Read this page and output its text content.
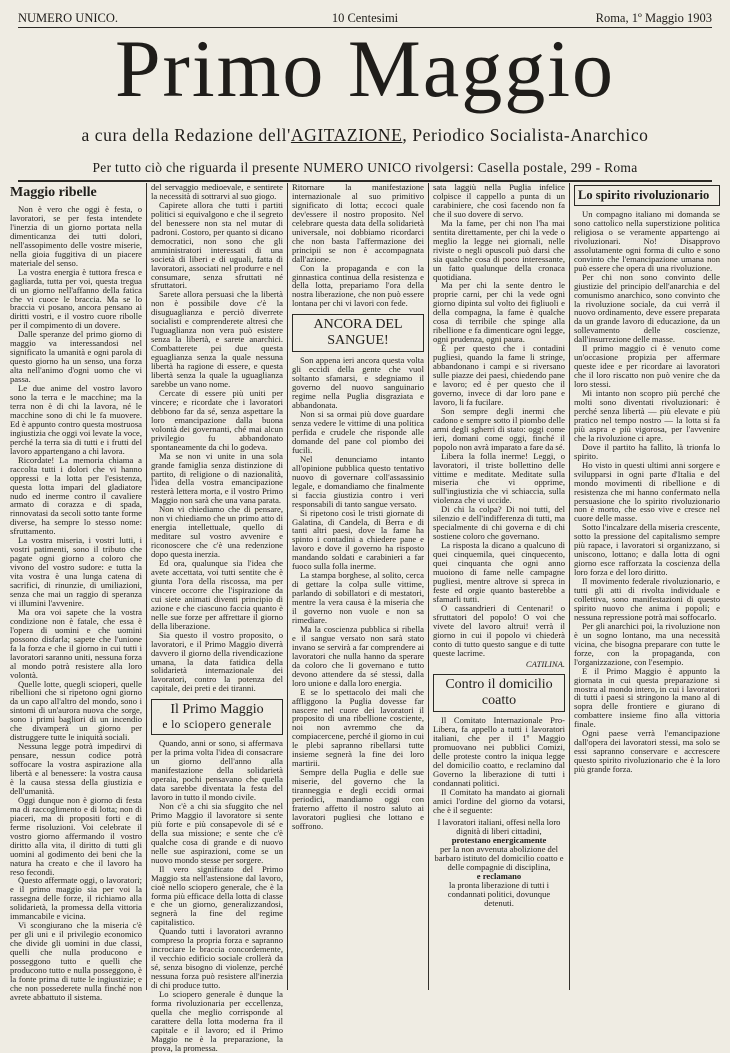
NUMERO UNICO.	10 Centesimi	Roma, 1º Maggio 1903
Primo Maggio
a cura della Redazione dell'AGITAZIONE, Periodico Socialista-Anarchico
Per tutto ciò che riguarda il presente NUMERO UNICO rivolgersi: Casella postale, 299 - Roma
Maggio ribelle

Non è vero che oggi è festa, o lavoratori, se per festa intendete l'inerzia di un giorno portata nella dimenticanza dei tutti dolori, nell'assopimento delle vostre miserie, nella gioia fuggitiva di un piacere materiale del senso.

La vostra energia è tuttora fresca e gagliarda, tutta per voi, questa tregua di un giorno nell'affanno della fatica che vi cuoce le braccia. Ma se lo braccia vi posano, ancora pensano ai diritti vostri, e il vostro cuore ribolle per il compimento di un dovere.

Dalle speranze del primo giorno di maggio va interessandosi nel significato la umanità e ogni parola di questo giorno ha un senso, una forza alta nell'animo d'ogni uomo che vi passa.

Le due anime del vostro lavoro sono la terra e le macchine; ma la terra non è di chi la lavora, né le macchine sono di chi le fa muovere. Ed è appunto contro questa mostruosa ingiustizia che oggi voi levate la voce, perché la terra sia di tutti e i frutti del lavoro appartengano a chi lavora.

Ricordate! La memoria chiama a raccolta tutti i dolori che vi hanno oppressi e la lotta per l'esistenza, questa lotta impari del gladiatore nudo ed inerme contro il cavaliere armato di corazza e di spada, rinnovatasi da secoli sotto tante forme diverse, ha sempre lo stesso nome: sfruttamento.

La vostra miseria, i vostri lutti, i vostri patimenti, sono il tributo che pagate ogni giorno a coloro che vivono del vostro sudore: e tutta la vita vostra è una lunga catena di sacrifici, di rinunzie, di umiliazioni, senza che mai un raggio di speranza vi illumini l'avvenire.

Ma ora voi sapete che la vostra condizione non è fatale, che essa è l'opera di uomini e che uomini possono disfarla; sapete che l'unione fa la forza e che il giorno in cui tutti i lavoratori saranno uniti, nessuna forza al mondo potrà resistere alla loro volontà.

Quelle lotte, quegli scioperi, quelle ribellioni che si ripetono ogni giorno da un capo all'altro del mondo, sono i sintomi di un'aurora nuova che sorge, sono i primi bagliori di un incendio che divamperà un giorno per distruggere tutte le iniquità sociali.

Nessuna legge potrà impedirvi di pensare, nessun codice potrà soffocare la vostra aspirazione alla libertà e al benessere: la vostra causa è la causa stessa della giustizia e dell'umanità.

Oggi dunque non è giorno di festa ma di raccoglimento e di lotta; non di piaceri, ma di propositi forti e di ferme risoluzioni. Voi celebrate il vostro giorno affermando il vostro diritto alla vita, il diritto di tutti gli uomini al godimento dei beni che la natura ha creato e che il lavoro ha reso fecondi.

Questo affermate oggi, o lavoratori; e il primo maggio sia per voi la rassegna delle forze, il richiamo alla solidarietà, la promessa della vittoria immancabile e vicina.

Vi scongiurano che la miseria c'è per gli uni e il privilegio economico che divide gli uomini in due classi, quelli che nulla producono e posseggono tutto e quelli che producono tutto e nulla posseggono, è la fonte prima di tutte le ingiustizie; e che non possederete nulla finché non avrete abbattuto il sistema.

del servaggio medioevale, e sentirete la necessità di sottrarvi al suo giogo.

Capirete allora che tutti i partiti politici si equivalgono e che il segreto del benessere non sta nel mutar di padroni. Costoro, per quanto si dicano democratici, non sono che gli amministratori interessati di una società di liberi e di uguali, fatta di lavoratori, associati nel produrre e nel consumare, senza sfruttati né sfruttatori.

Sarete allora persuasi che la libertà non è possibile dove c'è la disuguaglianza e perciò diverrete socialisti e comprenderete altresì che l'uguaglianza non vera può esistere senza la libertà, e sarete anarchici. Combatterete pei due questa eguaglianza senza la quale nessuna libertà ha ragione di essere, e questa libertà senza la quale la uguaglianza sarebbe un vano nome.

Cercate di essere più uniti per vincere; e ricordate che i lavoratori debbono far da sé, senza aspettare la loro emancipazione dalla buona volontà dei governanti, ché mai alcun privilegio fu abbandonato spontaneamente da chi lo godeva.

Ma se non vi unite in una sola grande famiglia senza distinzione di partito, di religione o di nazionalità, l'idea della vostra emancipazione resterà lettera morta, e il vostro Primo Maggio non sarà che una vana parata.

Non vi chiediamo che di pensare, non vi chiediamo che un primo atto di energia intellettuale, quello di meditare sul vostro avvenire e riconoscere che c'è una redenzione dopo questa inerzia.

Ed ora, qualunque sia l'idea che avete accettata, voi tutti sentite che è giunta l'ora della riscossa, ma per vincere occorre che l'ispirazione da cui siete animati diventi principio di azione e che ciascuno faccia quanto è nelle sue forze per affrettare il giorno della liberazione.

Sia questo il vostro proposito, o lavoratori, e il Primo Maggio diverrà davvero il giorno della rivendicazione umana, la data fatidica della solidarietà internazionale dei lavoratori, contro la potenza del capitale, dei preti e dei tiranni.

Il Primo Maggio
e lo sciopero generale

Quando, anni or sono, si affermava per la prima volta l'idea di consacrare un giorno dell'anno alla manifestazione della solidarietà operaia, pochi pensavano che quella data sarebbe diventata la festa del lavoro in tutto il mondo civile.

Non c'è a chi sia sfuggito che nel Primo Maggio il lavoratore si sente più forte e più consapevole di sé e della sua missione; e sente che c'è qualche cosa di grande e di nuovo nelle sue aspirazioni, come se un nuovo mondo stesse per sorgere.

Il vero significato del Primo Maggio sta nell'astensione dal lavoro, cioè nello sciopero generale, che è la forma più efficace della lotta di classe e che un giorno, generalizzandosi, segnerà la fine del regime capitalistico.

Quando tutti i lavoratori avranno compreso la propria forza e sapranno incrociare le braccia concordemente, il vecchio edificio sociale crollerà da sé, senza bisogno di violenze, perché nessuna forza può resistere all'inerzia di chi produce tutto.

Lo sciopero generale è dunque la forma rivoluzionaria per eccellenza, quella che meglio corrisponde al carattere della lotta moderna fra il capitale e il lavoro; ed il Primo Maggio ne è la preparazione, la prova, la promessa.

Ritornare la manifestazione internazionale al suo primitivo significato di lotta; eccoci quale dev'essere il nostro proposito. Nel celebrare questa data della solidarietà universale, noi dobbiamo ricordarci che non basta l'affermazione dei principii se non è accompagnata dall'azione.

Con la propaganda e con la ginnastica continua della resistenza e della lotta, prepariamo l'ora della nostra liberazione, che non può essere lontana per chi vi lavori con fede.

ANCORA DEL SANGUE!

Son appena ieri ancora questa volta gli eccidi della gente che vuol soltanto sfamarsi, e sdegniamo il governo del nuovo sanguinario regime nella Puglia disgraziata e abbandonata.

Non si sa ormai più dove guardare senza vedere le vittime di una politica perfida e crudele che risponde alle domande del pane col piombo dei fucili.

Nel denunciamo intanto all'opinione pubblica questo tentativo nuovo di governare coll'assassinio legale, e domandiamo che finalmente si faccia giustizia contro i veri responsabili di tanto sangue versato.

Si ripetono così le tristi giornate di Galatina, di Candela, di Berra e di tanti altri paesi, dove la fame ha spinto i contadini a chiedere pane e lavoro e dove il governo ha risposto mandando soldati e carabinieri a far fuoco sulla folla inerme.

La stampa borghese, al solito, cerca di gettare la colpa sulle vittime, parlando di sobillatori e di mestatori, mentre la vera causa è la miseria che il governo non vuole e non sa rimediare.

Ma la coscienza pubblica si ribella e il sangue versato non sarà stato invano se servirà a far comprendere ai lavoratori che nulla hanno da sperare da coloro che li governano e tutto devono attendere da sé stessi, dalla loro unione e dalla loro energia.

E se lo spettacolo dei mali che affliggono la Puglia dovesse far nascere nel cuore dei lavoratori il proposito di una ribellione cosciente, noi non avremmo che da compiacercene, perché il giorno in cui le plebi sapranno ribellarsi tutte insieme segnerà la fine dei loro martirii.

Sempre della Puglia e delle sue miserie, del governo che la tiranneggia e degli eccidi ormai periodici, mandiamo oggi con fraterno affetto il nostro saluto ai lavoratori pugliesi che lottano e soffrono.

sata laggiù nella Puglia infelice colpisce il cappello a punta di un carabiniere, che così facendo non fa che il suo dovere di servo.

Ma la fame, per chi non l'ha mai sentita direttamente, per chi la vede o meglio la legge nei giornali, nelle riviste o negli opuscoli può darsi che sia qualche cosa di poco interessante, un fatto qualunque della cronaca quotidiana.

Ma per chi la sente dentro le proprie carni, per chi la vede ogni giorno dipinta sul volto dei figliuoli e della compagna, la fame è qualche cosa di terribile che spinge alla ribellione e fa dimenticare ogni legge, ogni prudenza, ogni paura.

È per questo che i contadini pugliesi, quando la fame li stringe, abbandonano i campi e si riversano sulle piazze dei paesi, chiedendo pane e lavoro; ed è per questo che il governo, invece di dar loro pane e lavoro, li fa fucilare.

Son sempre degli inermi che cadono e sempre sotto il piombo delle armi degli sgherri di stato: oggi come ieri, domani come oggi, finché il popolo non avrà imparato a fare da sé.

Libera la folla inerme! Leggi, o lavoratori, il triste bollettino delle vittime e meditate. Meditate sulla miseria che vi opprime, sull'ingiustizia che vi schiaccia, sulla violenza che vi uccide.

Di chi la colpa? Di noi tutti, del silenzio e dell'indifferenza di tutti, ma specialmente di chi governa e di chi sostiene coloro che governano.

La risposta la dicano a qualcuno di quei cinquemila, quei cinquecento, quei cinquanta che ogni anno muoiono di fame nelle campagne pugliesi, mentre altrove si spreca in feste ed orgie quanto basterebbe a sfamarli tutti.

O cassandrieri di Centenari! o sfruttatori del popolo! O voi che vivete del lavoro altrui! verrà il giorno in cui il popolo vi chiederà conto di tutto questo sangue e di tutte queste lacrime.

CATILINA.
Contro il domicilio coatto

Il Comitato Internazionale Pro-Libera, fa appello a tutti i lavoratori italiani, che per il 1º Maggio promuovano nei pubblici Comizi, delle proteste contro la iniqua legge del domicilio coatto, e reclamino dal Governo la liberazione di tutti i condannati politici.

Il Comitato ha mandato ai giornali amici l'ordine del giorno da votarsi, che è il seguente:

I lavoratori italiani, offesi nella loro dignità di liberi cittadini,

protestano energicamente

per la non avvenuta abolizione del barbaro istituto del domicilio coatto e delle compagnie di disciplina,

e reclamano

la pronta liberazione di tutti i condannati politici, dovunque detenuti.

Lo spirito rivoluzionario

Un compagno italiano mi domanda se sono cattolico nella superstizione politica religiosa o se veramente appartengo ai rivoluzionari. No! Disapprovo assolutamente ogni forma di culto e sono convinto che l'emancipazione umana non può essere che opera di una rivoluzione.

Per chi non sono convinto delle giustizie del principio dell'anarchia e del comunismo anarchico, sono convinto che la rivoluzione sociale, da cui verrà il nuovo ordinamento, deve essere preparata da un grande lavoro di educazione, da un sollevamento delle coscienze, dall'insurrezione delle masse.

Il primo maggio ci è venuto come un'occasione propizia per affermare queste idee e per ricordare ai lavoratori che il loro riscatto non può venire che da loro stessi.

Mi intanto non scopro più perché che molti sono diventati rivoluzionari: è perché senza libertà — più elevate e più pratico nel tempo nostro — la lotta si fa più aspra e più vigorosa, per l'avvenire che la rivoluzione ci apre.

Dove il partito ha fallito, là trionfa lo spirito.

Ho visto in questi ultimi anni sorgere e svilupparsi in ogni parte d'Italia e del mondo movimenti di ribellione e di resistenza che mi hanno confermato nella persuasione che lo spirito rivoluzionario non è morto, che esso vive e cresce nel cuore delle masse.

Sotto l'incalzare della miseria crescente, sotto la pressione del capitalismo sempre più rapace, i lavoratori si organizzano, si uniscono, lottano; e dalla lotta di ogni giorno esce rafforzata la coscienza della loro forza e del loro diritto.

Il movimento federale rivoluzionario, e tutti gli atti di rivolta individuale e collettiva, sono manifestazioni di questo spirito nuovo che anima i popoli; e nessuna repressione potrà mai soffocarlo.

Per gli anarchici poi, la rivoluzione non è un sogno lontano, ma una necessità vicina, che bisogna preparare con tutte le forze, con la propaganda, con l'organizzazione, con l'esempio.

E il Primo Maggio è appunto la giornata in cui questa preparazione si mostra al mondo intero, in cui i lavoratori di tutti i paesi si stringono la mano al di sopra delle frontiere e giurano di combattere insieme fino alla vittoria finale.

Ogni paese verrà l'emancipazione dall'opera dei lavoratori stessi, ma solo se essi sapranno conservare e accrescere questo spirito rivoluzionario che è la loro più grande forza.
